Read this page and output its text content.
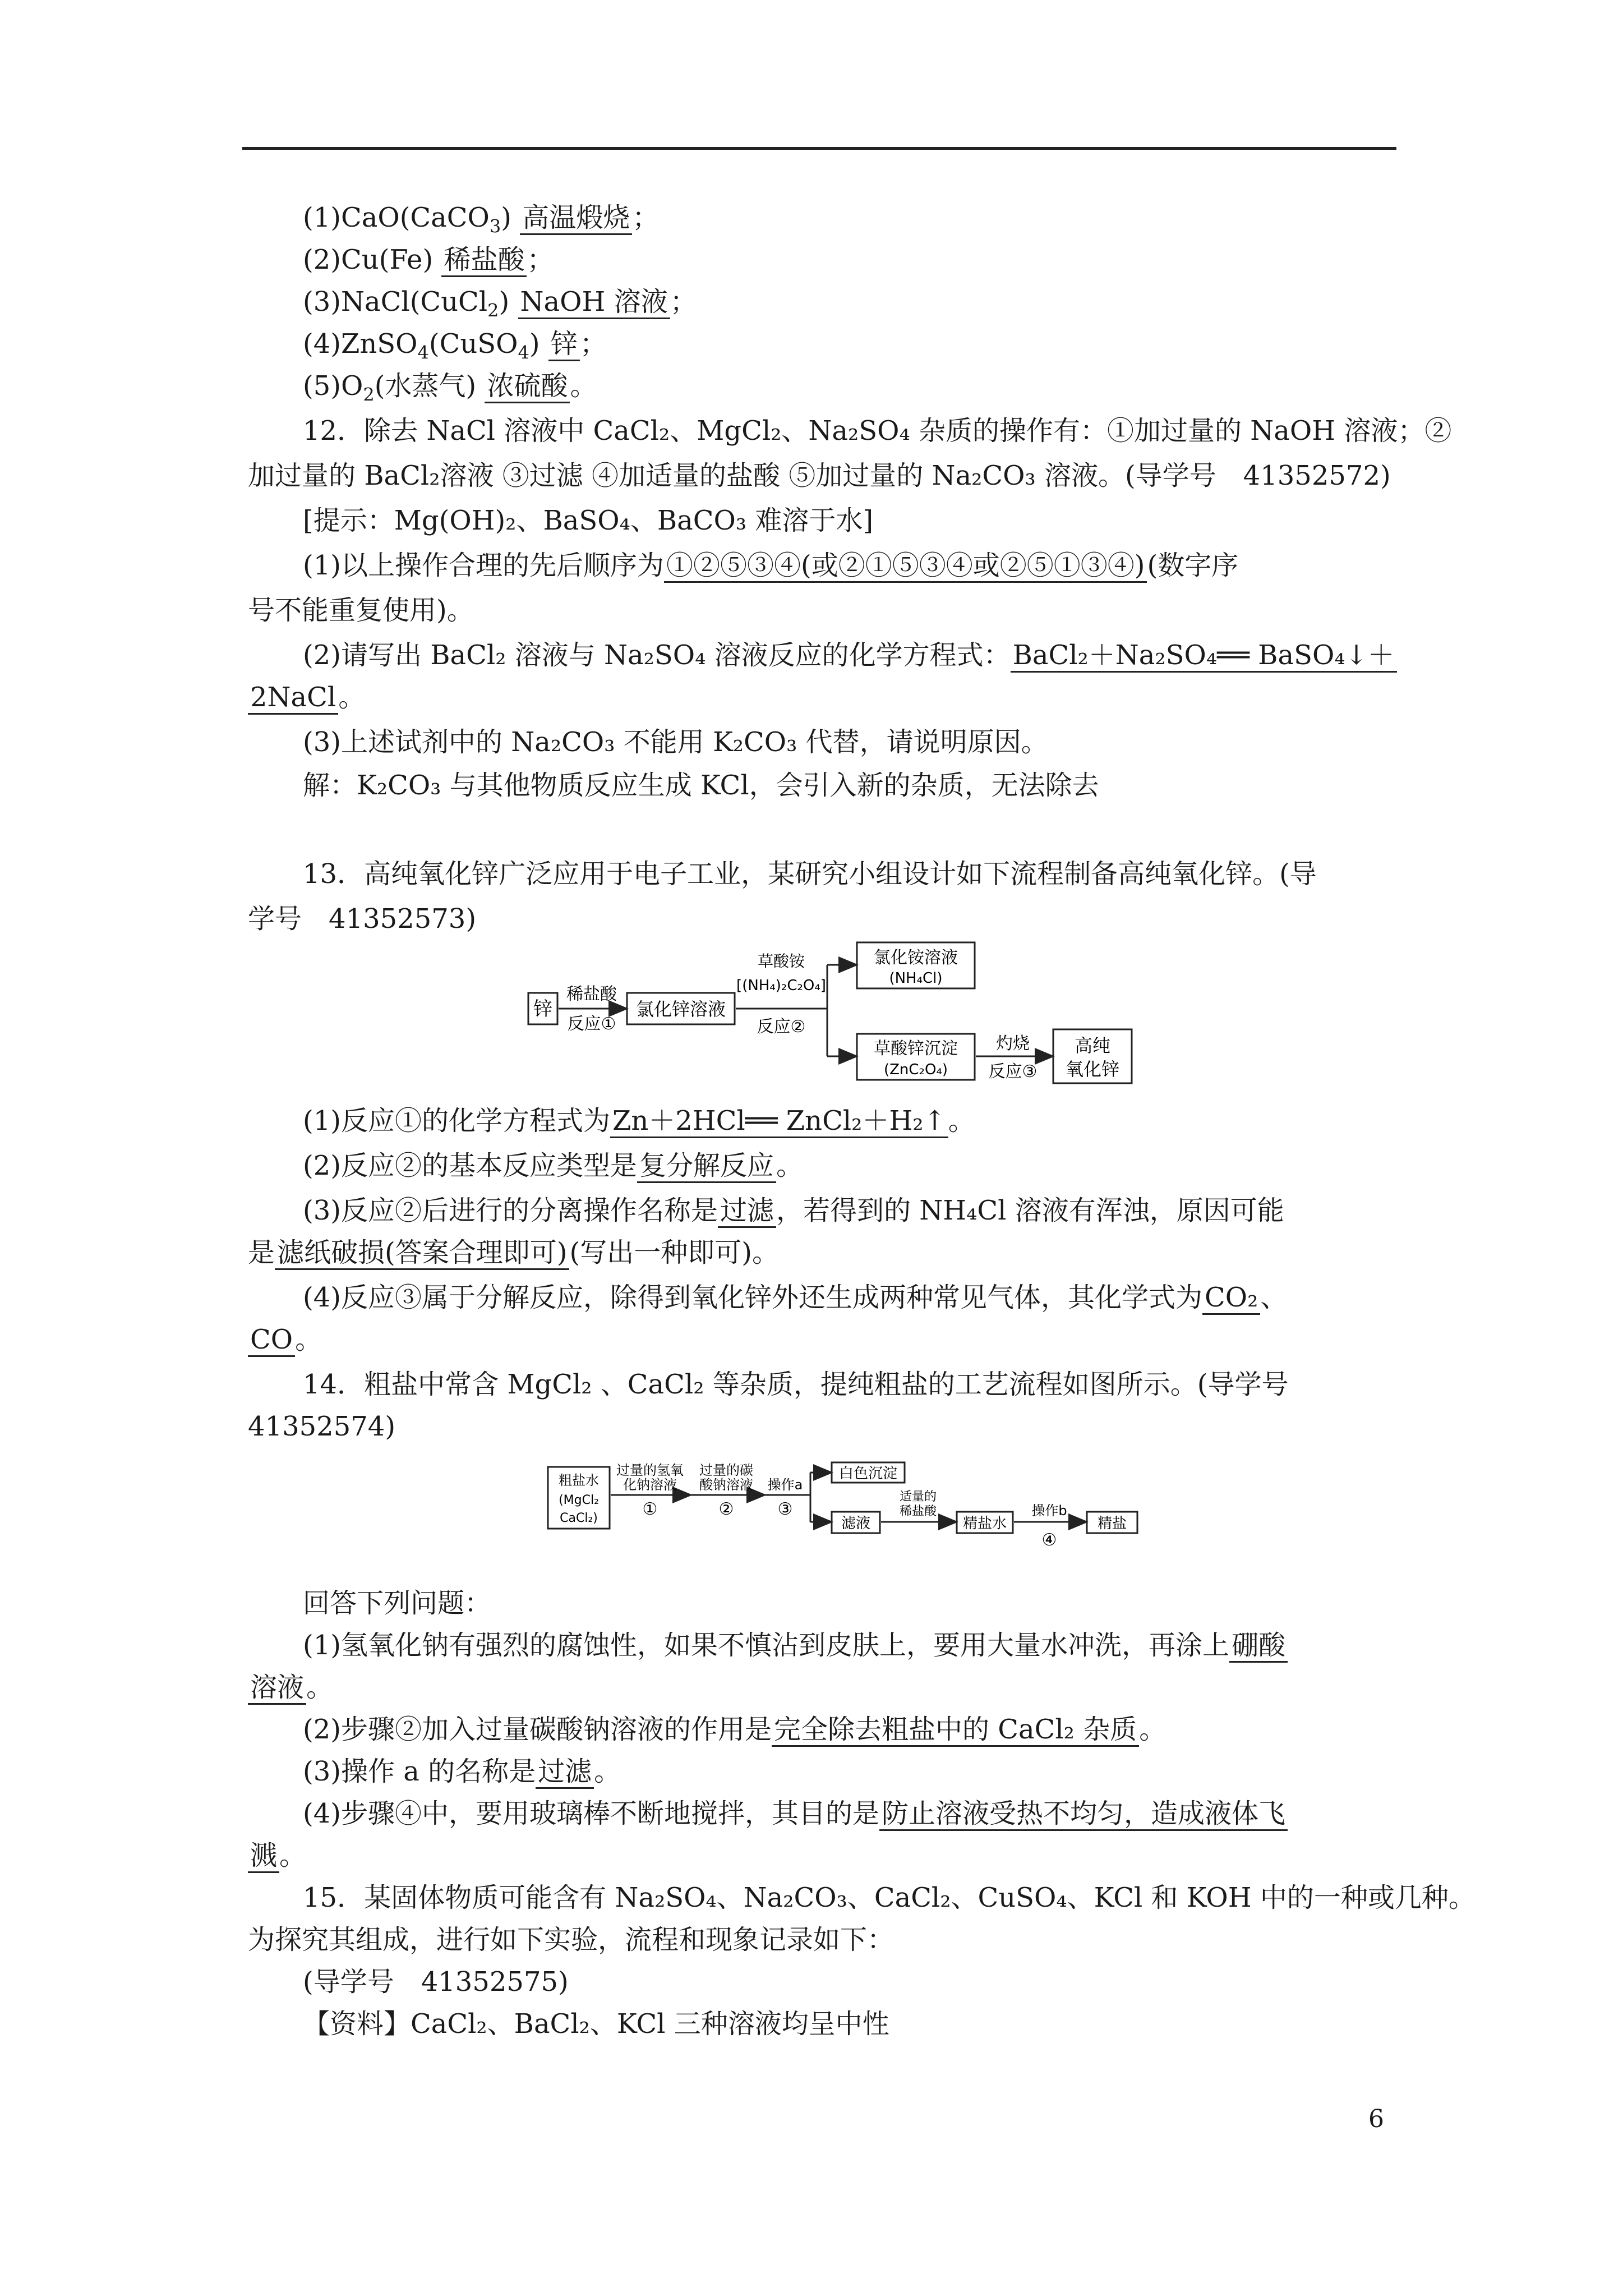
(1)CaO(CaCO$_3$) 高温煅烧；
(2)Cu(Fe) 稀盐酸；
(3)NaCl(CuCl$_2$) NaOH 溶液；
(4)ZnSO$_4$(CuSO$_4$) 锌；
$(5)O_2$(水蒸气) 浓硫酸。
12．除去 NaCl 溶液中 CaCl₂、MgCl₂、Na₂SO₄ 杂质的操作有：①加过量的 NaOH 溶液；②
加过量的 BaCl₂溶液 ③过滤 ④加适量的盐酸 ⑤加过量的 Na₂CO₃ 溶液。(导学号　41352572)
[提示：Mg(OH)₂、BaSO₄、BaCO₃ 难溶于水]
(1)以上操作合理的先后顺序为①②⑤③④(或②①⑤③④或②⑤①③④)(数字序
号不能重复使用)。
(2)请写出 BaCl₂ 溶液与 Na₂SO₄ 溶液反应的化学方程式：BaCl₂＋Na₂SO₄══ BaSO₄↓＋
2NaCl。
(3)上述试剂中的 Na₂CO₃ 不能用 K₂CO₃ 代替，请说明原因。
解：K₂CO₃ 与其他物质反应生成 KCl，会引入新的杂质，无法除去
13．高纯氧化锌广泛应用于电子工业，某研究小组设计如下流程制备高纯氧化锌。(导
学号　41352573)
锌
稀盐酸
反应①
氯化锌溶液
草酸铵
[(NH₄)₂C₂O₄]
反应②
氯化铵溶液
(NH₄Cl)
草酸锌沉淀
(ZnC₂O₄)
灼烧
反应③
高纯
氧化锌
(1)反应①的化学方程式为Zn＋2HCl══ ZnCl₂＋H₂↑。
(2)反应②的基本反应类型是复分解反应。
(3)反应②后进行的分离操作名称是过滤，若得到的 NH₄Cl 溶液有浑浊，原因可能
是滤纸破损(答案合理即可)(写出一种即可)。
(4)反应③属于分解反应，除得到氧化锌外还生成两种常见气体，其化学式为CO₂、
CO。
14．粗盐中常含 MgCl₂ 、CaCl₂ 等杂质，提纯粗盐的工艺流程如图所示。(导学号
41352574)
粗盐水
(MgCl₂
CaCl₂)
过量的氢氧
化钠溶液
①
过量的碳
酸钠溶液
②
操作a
③
白色沉淀
滤液
适量的
稀盐酸
精盐水
操作b
④
精盐
回答下列问题：
(1)氢氧化钠有强烈的腐蚀性，如果不慎沾到皮肤上，要用大量水冲洗，再涂上硼酸
溶液。
(2)步骤②加入过量碳酸钠溶液的作用是完全除去粗盐中的 CaCl₂ 杂质。
(3)操作 a 的名称是过滤。
(4)步骤④中，要用玻璃棒不断地搅拌，其目的是防止溶液受热不均匀，造成液体飞
溅。
15．某固体物质可能含有 Na₂SO₄、Na₂CO₃、CaCl₂、CuSO₄、KCl 和 KOH 中的一种或几种。
为探究其组成，进行如下实验，流程和现象记录如下：
(导学号　41352575)
【资料】CaCl₂、BaCl₂、KCl 三种溶液均呈中性
6
